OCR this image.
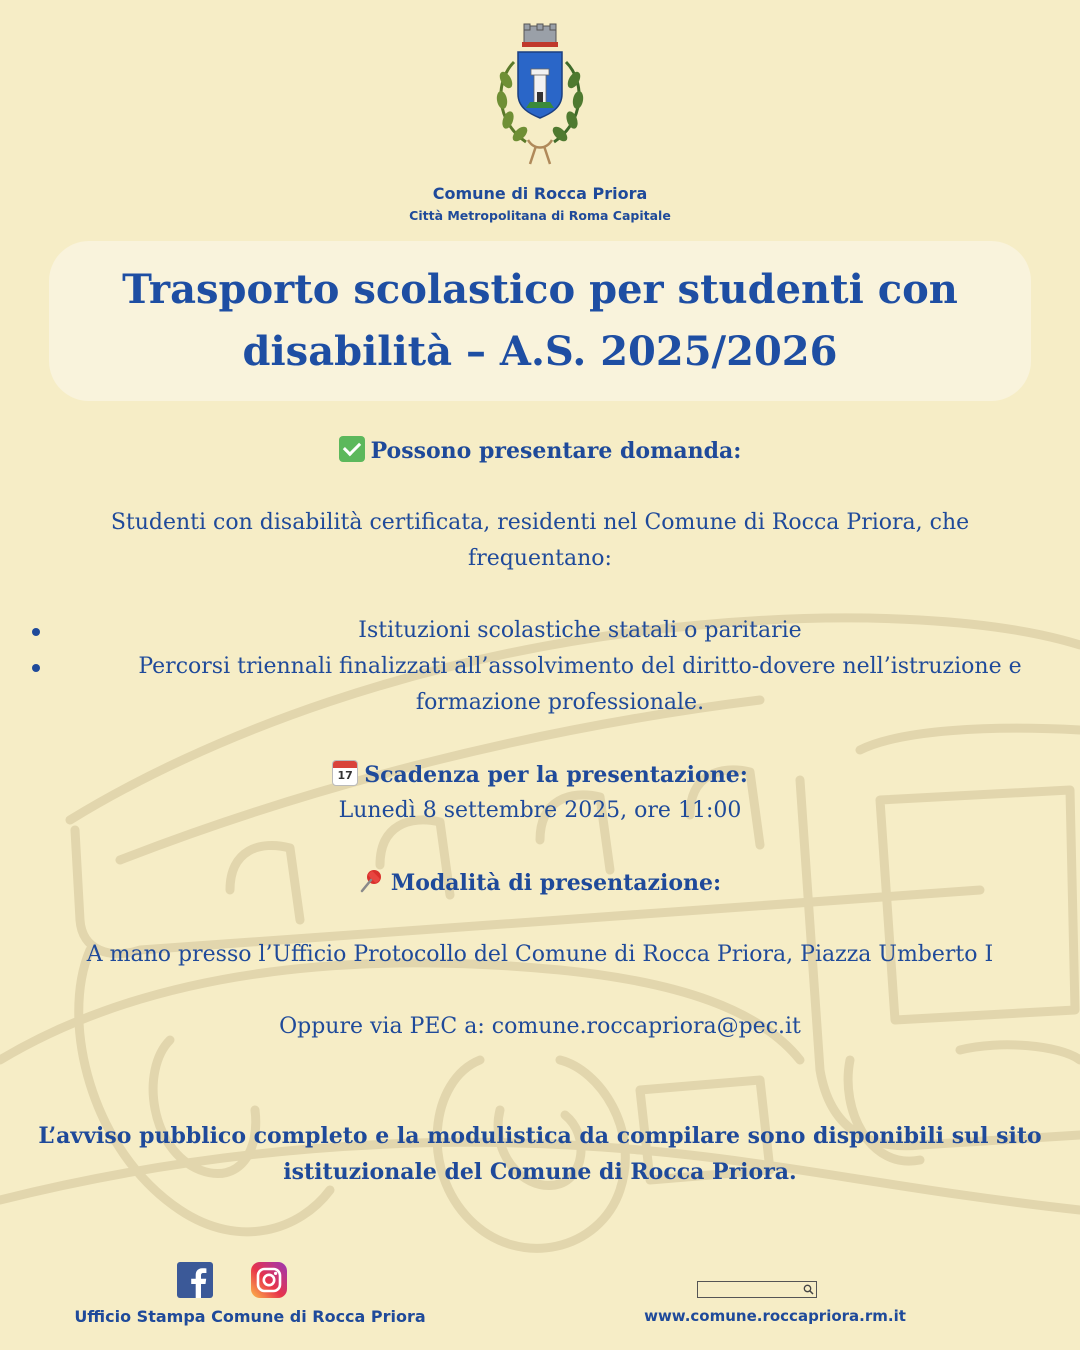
Comune di Rocca Priora
Città Metropolitana di Roma Capitale
Trasporto scolastico per studenti con
disabilità – A.S. 2025/2026
Possono presentare domanda:
Studenti con disabilità certificata, residenti nel Comune di Rocca Priora, che
frequentano:
Istituzioni scolastiche statali o paritarie
Percorsi triennali finalizzati all’assolvimento del diritto-dovere nell’istruzione e
formazione professionale.
17 Scadenza per la presentazione:
Lunedì 8 settembre 2025, ore 11:00
Modalità di presentazione:
A mano presso l’Ufficio Protocollo del Comune di Rocca Priora, Piazza Umberto I
Oppure via PEC a: comune.roccapriora@pec.it
L’avviso pubblico completo e la modulistica da compilare sono disponibili sul sito
istituzionale del Comune di Rocca Priora.
Ufficio Stampa Comune di Rocca Priora	www.comune.roccapriora.rm.it
